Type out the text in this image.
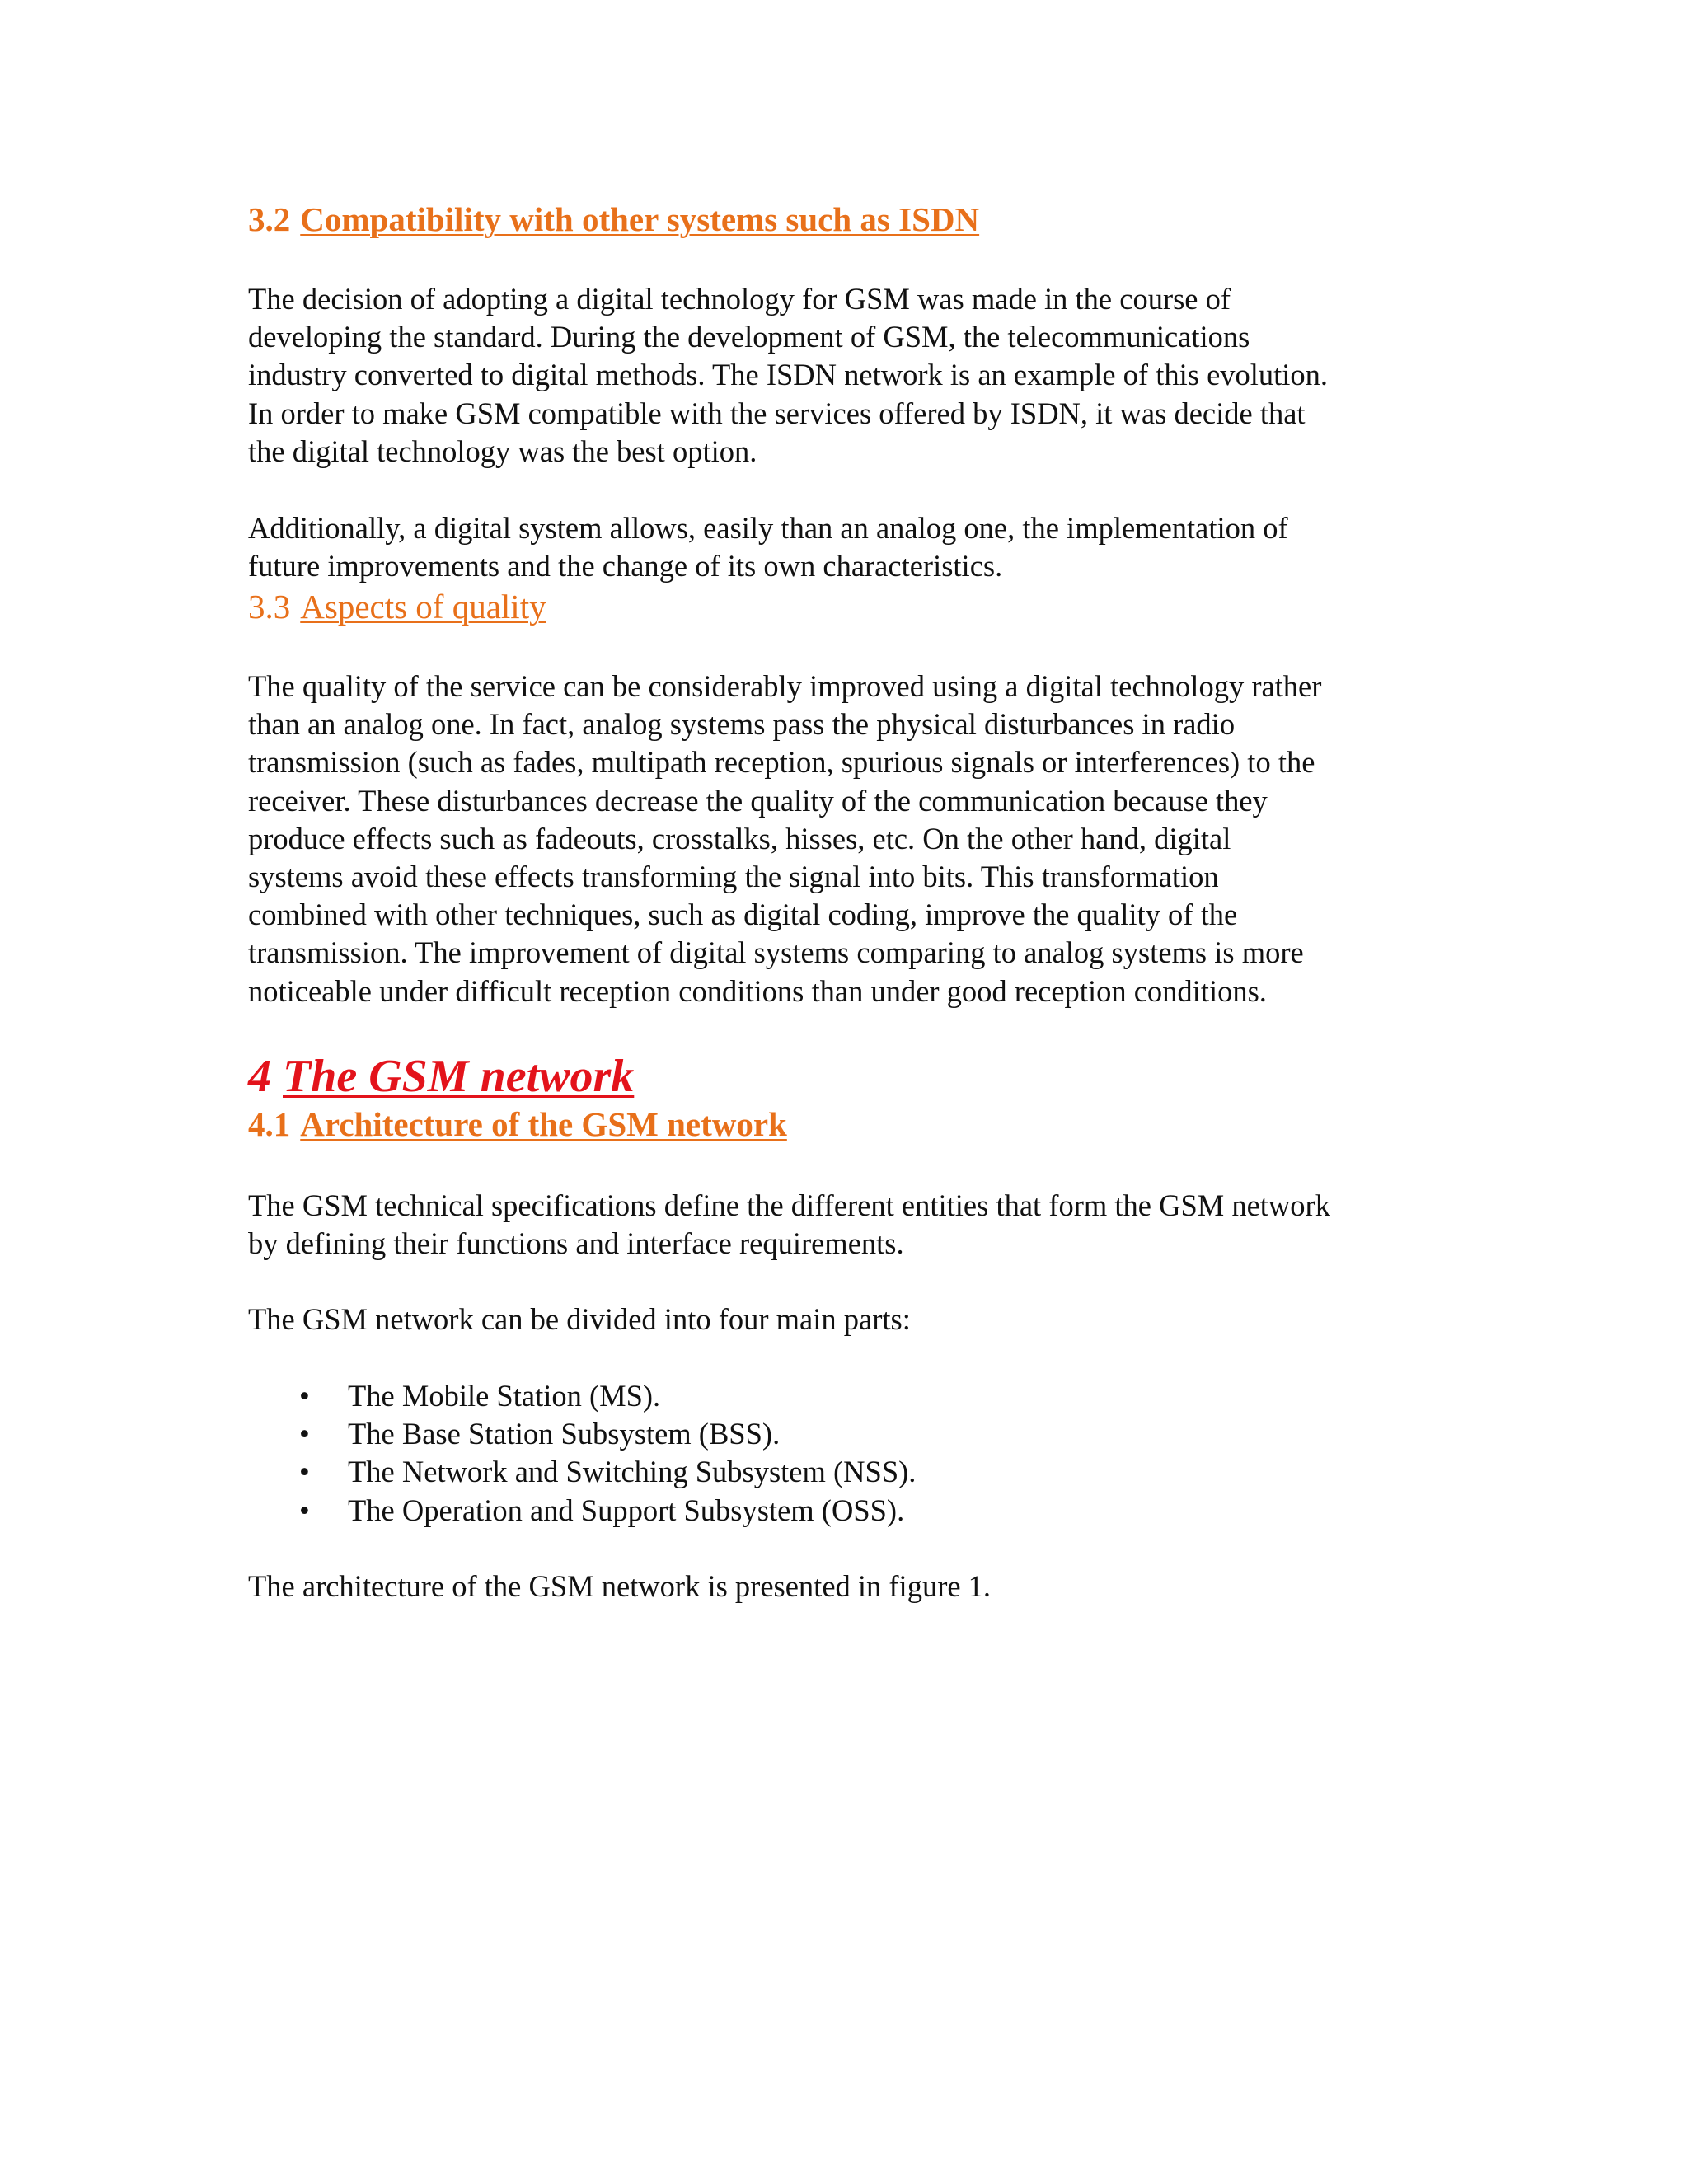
3.2 Compatibility with other systems such as ISDN
The decision of adopting a digital technology for GSM was made in the course of
developing the standard. During the development of GSM, the telecommunications
industry converted to digital methods. The ISDN network is an example of this evolution.
In order to make GSM compatible with the services offered by ISDN, it was decide that
the digital technology was the best option.
Additionally, a digital system allows, easily than an analog one, the implementation of
future improvements and the change of its own characteristics.
3.3 Aspects of quality
The quality of the service can be considerably improved using a digital technology rather
than an analog one. In fact, analog systems pass the physical disturbances in radio
transmission (such as fades, multipath reception, spurious signals or interferences) to the
receiver. These disturbances decrease the quality of the communication because they
produce effects such as fadeouts, crosstalks, hisses, etc. On the other hand, digital
systems avoid these effects transforming the signal into bits. This transformation
combined with other techniques, such as digital coding, improve the quality of the
transmission. The improvement of digital systems comparing to analog systems is more
noticeable under difficult reception conditions than under good reception conditions.
4 The GSM network
4.1 Architecture of the GSM network
The GSM technical specifications define the different entities that form the GSM network
by defining their functions and interface requirements.
The GSM network can be divided into four main parts:
• The Mobile Station (MS).
• The Base Station Subsystem (BSS).
• The Network and Switching Subsystem (NSS).
• The Operation and Support Subsystem (OSS).
The architecture of the GSM network is presented in figure 1.
